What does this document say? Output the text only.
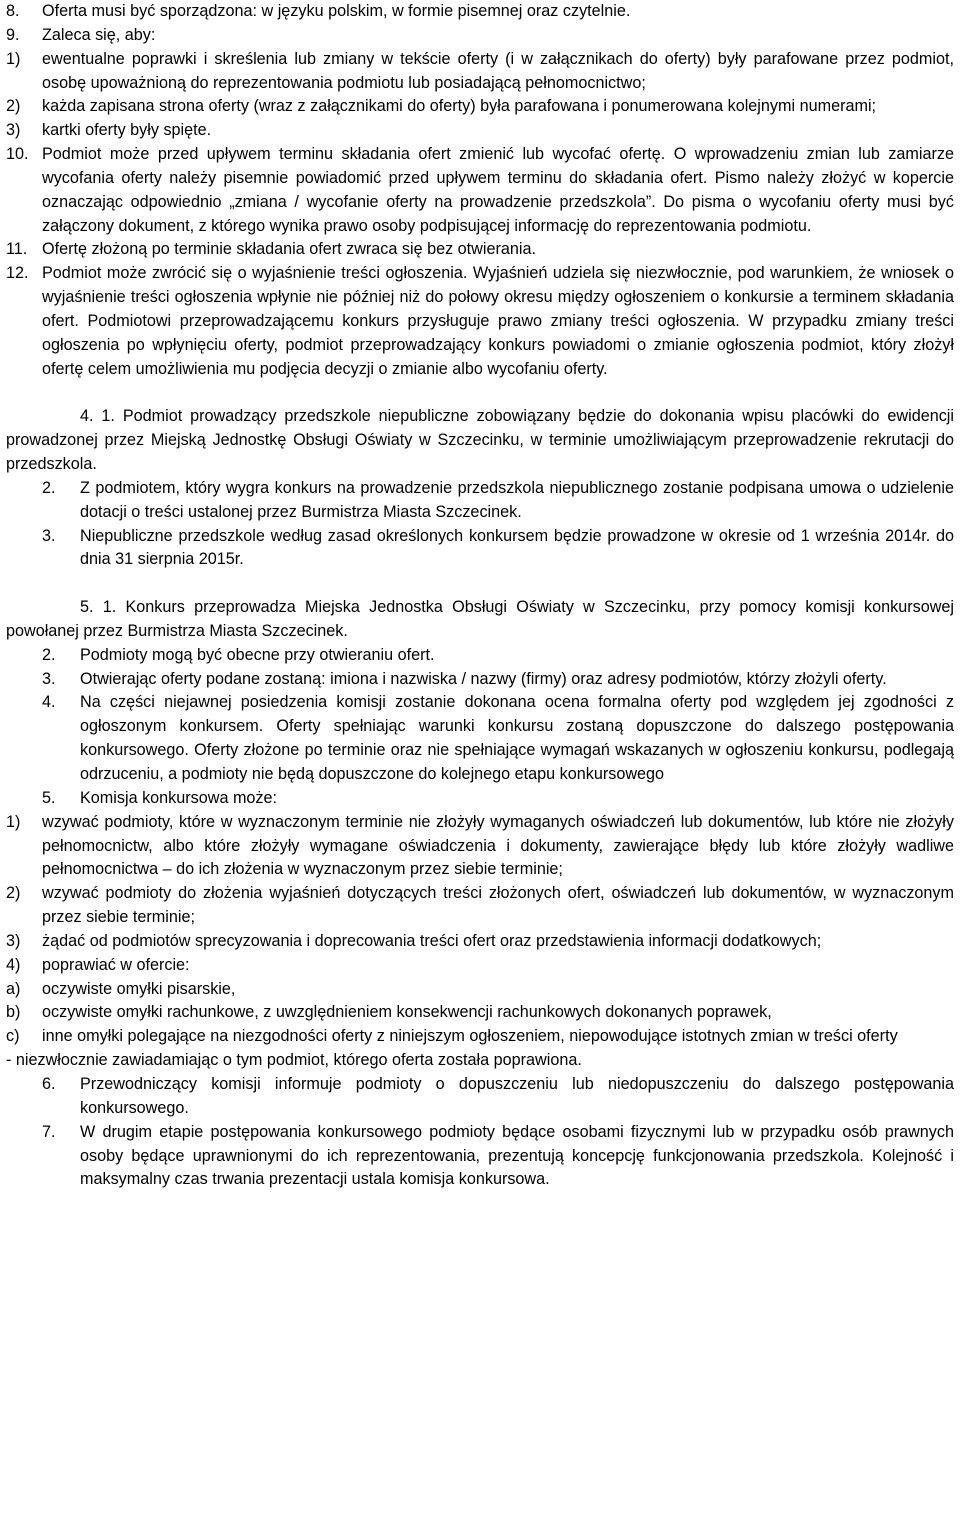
8. Oferta musi być sporządzona: w języku polskim, w formie pisemnej oraz czytelnie.
9. Zaleca się, aby:
1) ewentualne poprawki i skreślenia lub zmiany w tekście oferty (i w załącznikach do oferty) były parafowane przez podmiot, osobę upoważnioną do reprezentowania podmiotu lub posiadającą pełnomocnictwo;
2) każda zapisana strona oferty (wraz z załącznikami do oferty) była parafowana i ponumerowana kolejnymi numerami;
3) kartki oferty były spięte.
10. Podmiot może przed upływem terminu składania ofert zmienić lub wycofać ofertę. O wprowadzeniu zmian lub zamiarze wycofania oferty należy pisemnie powiadomić przed upływem terminu do składania ofert. Pismo należy złożyć w kopercie oznaczając odpowiednio „zmiana / wycofanie oferty na prowadzenie przedszkola”. Do pisma o wycofaniu oferty musi być załączony dokument, z którego wynika prawo osoby podpisującej informację do reprezentowania podmiotu.
11. Ofertę złożoną po terminie składania ofert zwraca się bez otwierania.
12. Podmiot może zwrócić się o wyjaśnienie treści ogłoszenia. Wyjaśnień udziela się niezwłocznie, pod warunkiem, że wniosek o wyjaśnienie treści ogłoszenia wpłynie nie później niż do połowy okresu między ogłoszeniem o konkursie a terminem składania ofert. Podmiotowi przeprowadzającemu konkurs przysługuje prawo zmiany treści ogłoszenia. W przypadku zmiany treści ogłoszenia po wpłynięciu oferty, podmiot przeprowadzający konkurs powiadomi o zmianie ogłoszenia podmiot, który złożył ofertę celem umożliwienia mu podjęcia decyzji o zmianie albo wycofaniu oferty.
4. 1. Podmiot prowadzący przedszkole niepubliczne zobowiązany będzie do dokonania wpisu placówki do ewidencji prowadzonej przez Miejską Jednostkę Obsługi Oświaty w Szczecinku, w terminie umożliwiającym przeprowadzenie rekrutacji do przedszkola.
2. Z podmiotem, który wygra konkurs na prowadzenie przedszkola niepublicznego zostanie podpisana umowa o udzielenie dotacji o treści ustalonej przez Burmistrza Miasta Szczecinek.
3. Niepubliczne przedszkole według zasad określonych konkursem będzie prowadzone w okresie od 1 września 2014r. do dnia 31 sierpnia 2015r.
5. 1. Konkurs przeprowadza Miejska Jednostka Obsługi Oświaty w Szczecinku, przy pomocy komisji konkursowej powołanej przez Burmistrza Miasta Szczecinek.
2. Podmioty mogą być obecne przy otwieraniu ofert.
3. Otwierając oferty podane zostaną: imiona i nazwiska / nazwy (firmy) oraz adresy podmiotów, którzy złożyli oferty.
4. Na części niejawnej posiedzenia komisji zostanie dokonana ocena formalna oferty pod względem jej zgodności z ogłoszonym konkursem. Oferty spełniając warunki konkursu zostaną dopuszczone do dalszego postępowania konkursowego. Oferty złożone po terminie oraz nie spełniające wymagań wskazanych w ogłoszeniu konkursu, podlegają odrzuceniu, a podmioty nie będą dopuszczone do kolejnego etapu konkursowego
5. Komisja konkursowa może:
1) wzywać podmioty, które w wyznaczonym terminie nie złożyły wymaganych oświadczeń lub dokumentów, lub które nie złożyły pełnomocnictw, albo które złożyły wymagane oświadczenia i dokumenty, zawierające błędy lub które złożyły wadliwe pełnomocnictwa – do ich złożenia w wyznaczonym przez siebie terminie;
2) wzywać podmioty do złożenia wyjaśnień dotyczących treści złożonych ofert, oświadczeń lub dokumentów, w wyznaczonym przez siebie terminie;
3) żądać od podmiotów sprecyzowania i doprecowania treści ofert oraz przedstawienia informacji dodatkowych;
4) poprawiać w ofercie:
a) oczywiste omyłki pisarskie,
b) oczywiste omyłki rachunkowe, z uwzględnieniem konsekwencji rachunkowych dokonanych poprawek,
c) inne omyłki polegające na niezgodności oferty z niniejszym ogłoszeniem, niepowodujące istotnych zmian w treści oferty
- niezwłocznie zawiadamiając o tym podmiot, którego oferta została poprawiona.
6. Przewodniczący komisji informuje podmioty o dopuszczeniu lub niedopuszczeniu do dalszego postępowania konkursowego.
7. W drugim etapie postępowania konkursowego podmioty będące osobami fizycznymi lub w przypadku osób prawnych osoby będące uprawnionymi do ich reprezentowania, prezentują koncepcję funkcjonowania przedszkola. Kolejność i maksymalny czas trwania prezentacji ustala komisja konkursowa.
